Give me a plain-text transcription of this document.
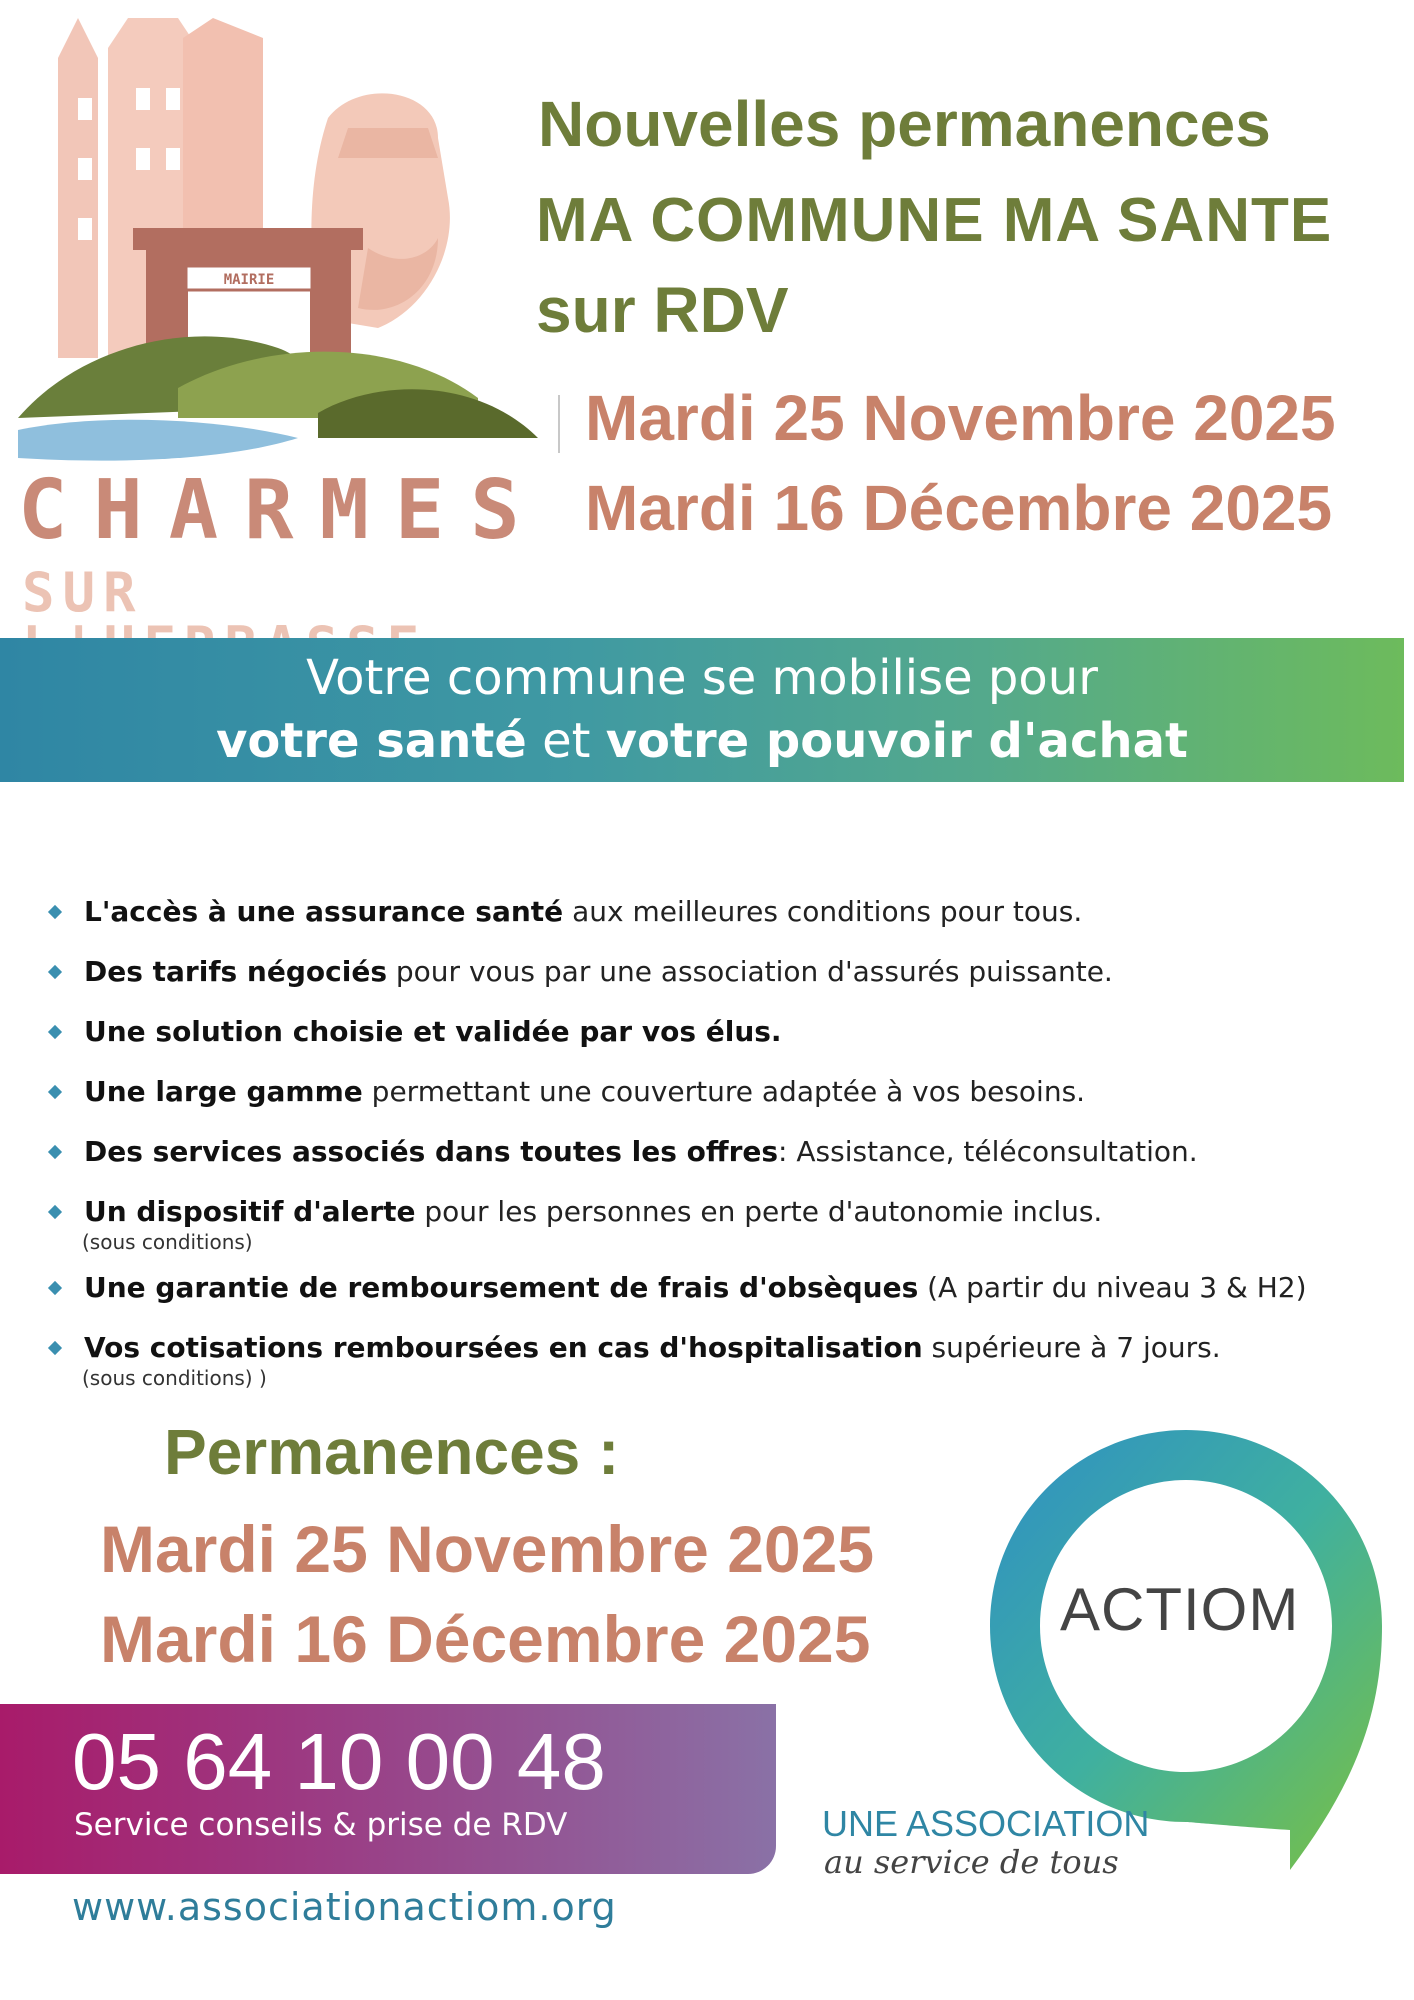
MAIRIE
CHARMES
SUR
Nouvelles permanences
MA COMMUNE MA SANTE
sur RDV
Mardi 25 Novembre 2025
Mardi 16 Décembre 2025
Votre commune se mobilise pour
votre santé et votre pouvoir d'achat
L'accès à une assurance santé aux meilleures conditions pour tous.
Des tarifs négociés pour vous par une association d'assurés puissante.
Une solution choisie et validée par vos élus.
Une large gamme permettant une couverture adaptée à vos besoins.
Des services associés dans toutes les offres: Assistance, téléconsultation.
Un dispositif d'alerte pour les personnes en perte d'autonomie inclus.
(sous conditions)
Une garantie de remboursement de frais d'obsèques (A partir du niveau 3 & H2)
Vos cotisations remboursées en cas d'hospitalisation supérieure à 7 jours.
(sous conditions) )
Permanences :
Mardi 25 Novembre 2025
Mardi 16 Décembre 2025
05 64 10 00 48
Service conseils & prise de RDV
www.associationactiom.org
ACTIOM
UNE ASSOCIATION
au service de tous
